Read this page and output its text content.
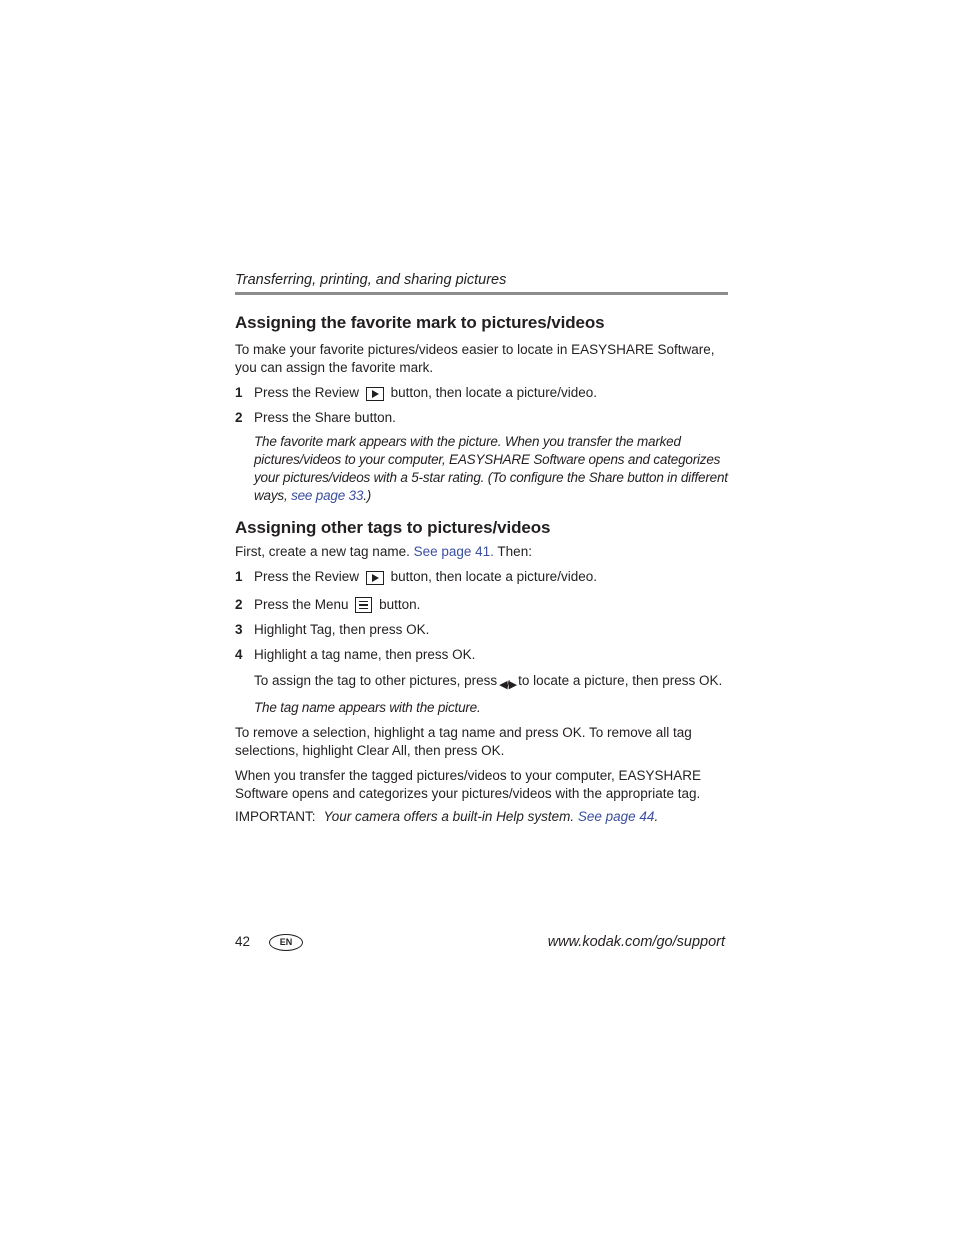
Transferring, printing, and sharing pictures
Assigning the favorite mark to pictures/videos

To make your favorite pictures/videos easier to locate in EASYSHARE Software, you can assign the favorite mark.

1 Press the Review button, then locate a picture/video.
2 Press the Share button.

The favorite mark appears with the picture. When you transfer the marked pictures/videos to your computer, EASYSHARE Software opens and categorizes your pictures/videos with a 5-star rating. (To configure the Share button in different ways, see page 33.)

Assigning other tags to pictures/videos

First, create a new tag name. See page 41. Then:

1 Press the Review button, then locate a picture/video.
2 Press the Menu button.
3 Highlight Tag, then press OK.
4 Highlight a tag name, then press OK.

To assign the tag to other pictures, press ◀/▶ to locate a picture, then press OK.

The tag name appears with the picture.

To remove a selection, highlight a tag name and press OK. To remove all tag selections, highlight Clear All, then press OK.

When you transfer the tagged pictures/videos to your computer, EASYSHARE Software opens and categorizes your pictures/videos with the appropriate tag.

IMPORTANT: Your camera offers a built-in Help system. See page 44.
42	EN	www.kodak.com/go/support
